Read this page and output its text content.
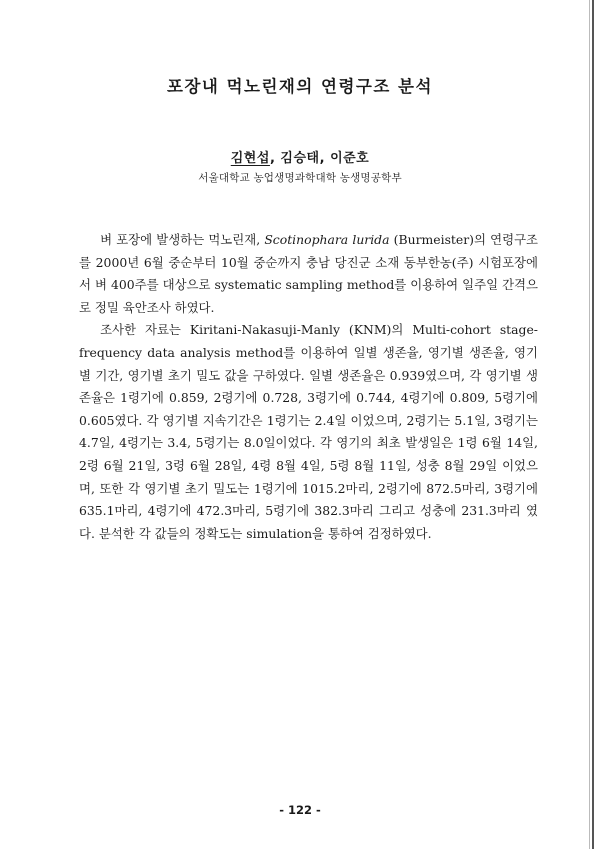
포장내 먹노린재의 연령구조 분석
김현섭, 김승태, 이준호
서울대학교 농업생명과학대학 농생명공학부

벼 포장에 발생하는 먹노린재, Scotinophara lurida (Burmeister)의 연령구조를 2000년 6월 중순부터 10월 중순까지 충남 당진군 소재 동부한농(주) 시험포장에서 벼 400주를 대상으로 systematic sampling method를 이용하여 일주일 간격으로 정밀 육안조사 하였다.

조사한 자료는 Kiritani-Nakasuji-Manly (KNM)의 Multi-cohort stage-frequency data analysis method를 이용하여 일별 생존율, 영기별 생존율, 영기별 기간, 영기별 초기 밀도 값을 구하였다. 일별 생존율은 0.939였으며, 각 영기별 생존율은 1령기에 0.859, 2령기에 0.728, 3령기에 0.744, 4령기에 0.809, 5령기에 0.605였다. 각 영기별 지속기간은 1령기는 2.4일 이었으며, 2령기는 5.1일, 3령기는 4.7일, 4령기는 3.4, 5령기는 8.0일이었다. 각 영기의 최초 발생일은 1령 6월 14일, 2령 6월 21일, 3령 6월 28일, 4령 8월 4일, 5령 8월 11일, 성충 8월 29일 이었으며, 또한 각 영기별 초기 밀도는 1령기에 1015.2마리, 2령기에 872.5마리, 3령기에 635.1마리, 4령기에 472.3마리, 5령기에 382.3마리 그리고 성충에 231.3마리 였다. 분석한 각 값들의 정확도는 simulation을 통하여 검정하였다.

- 122 -
